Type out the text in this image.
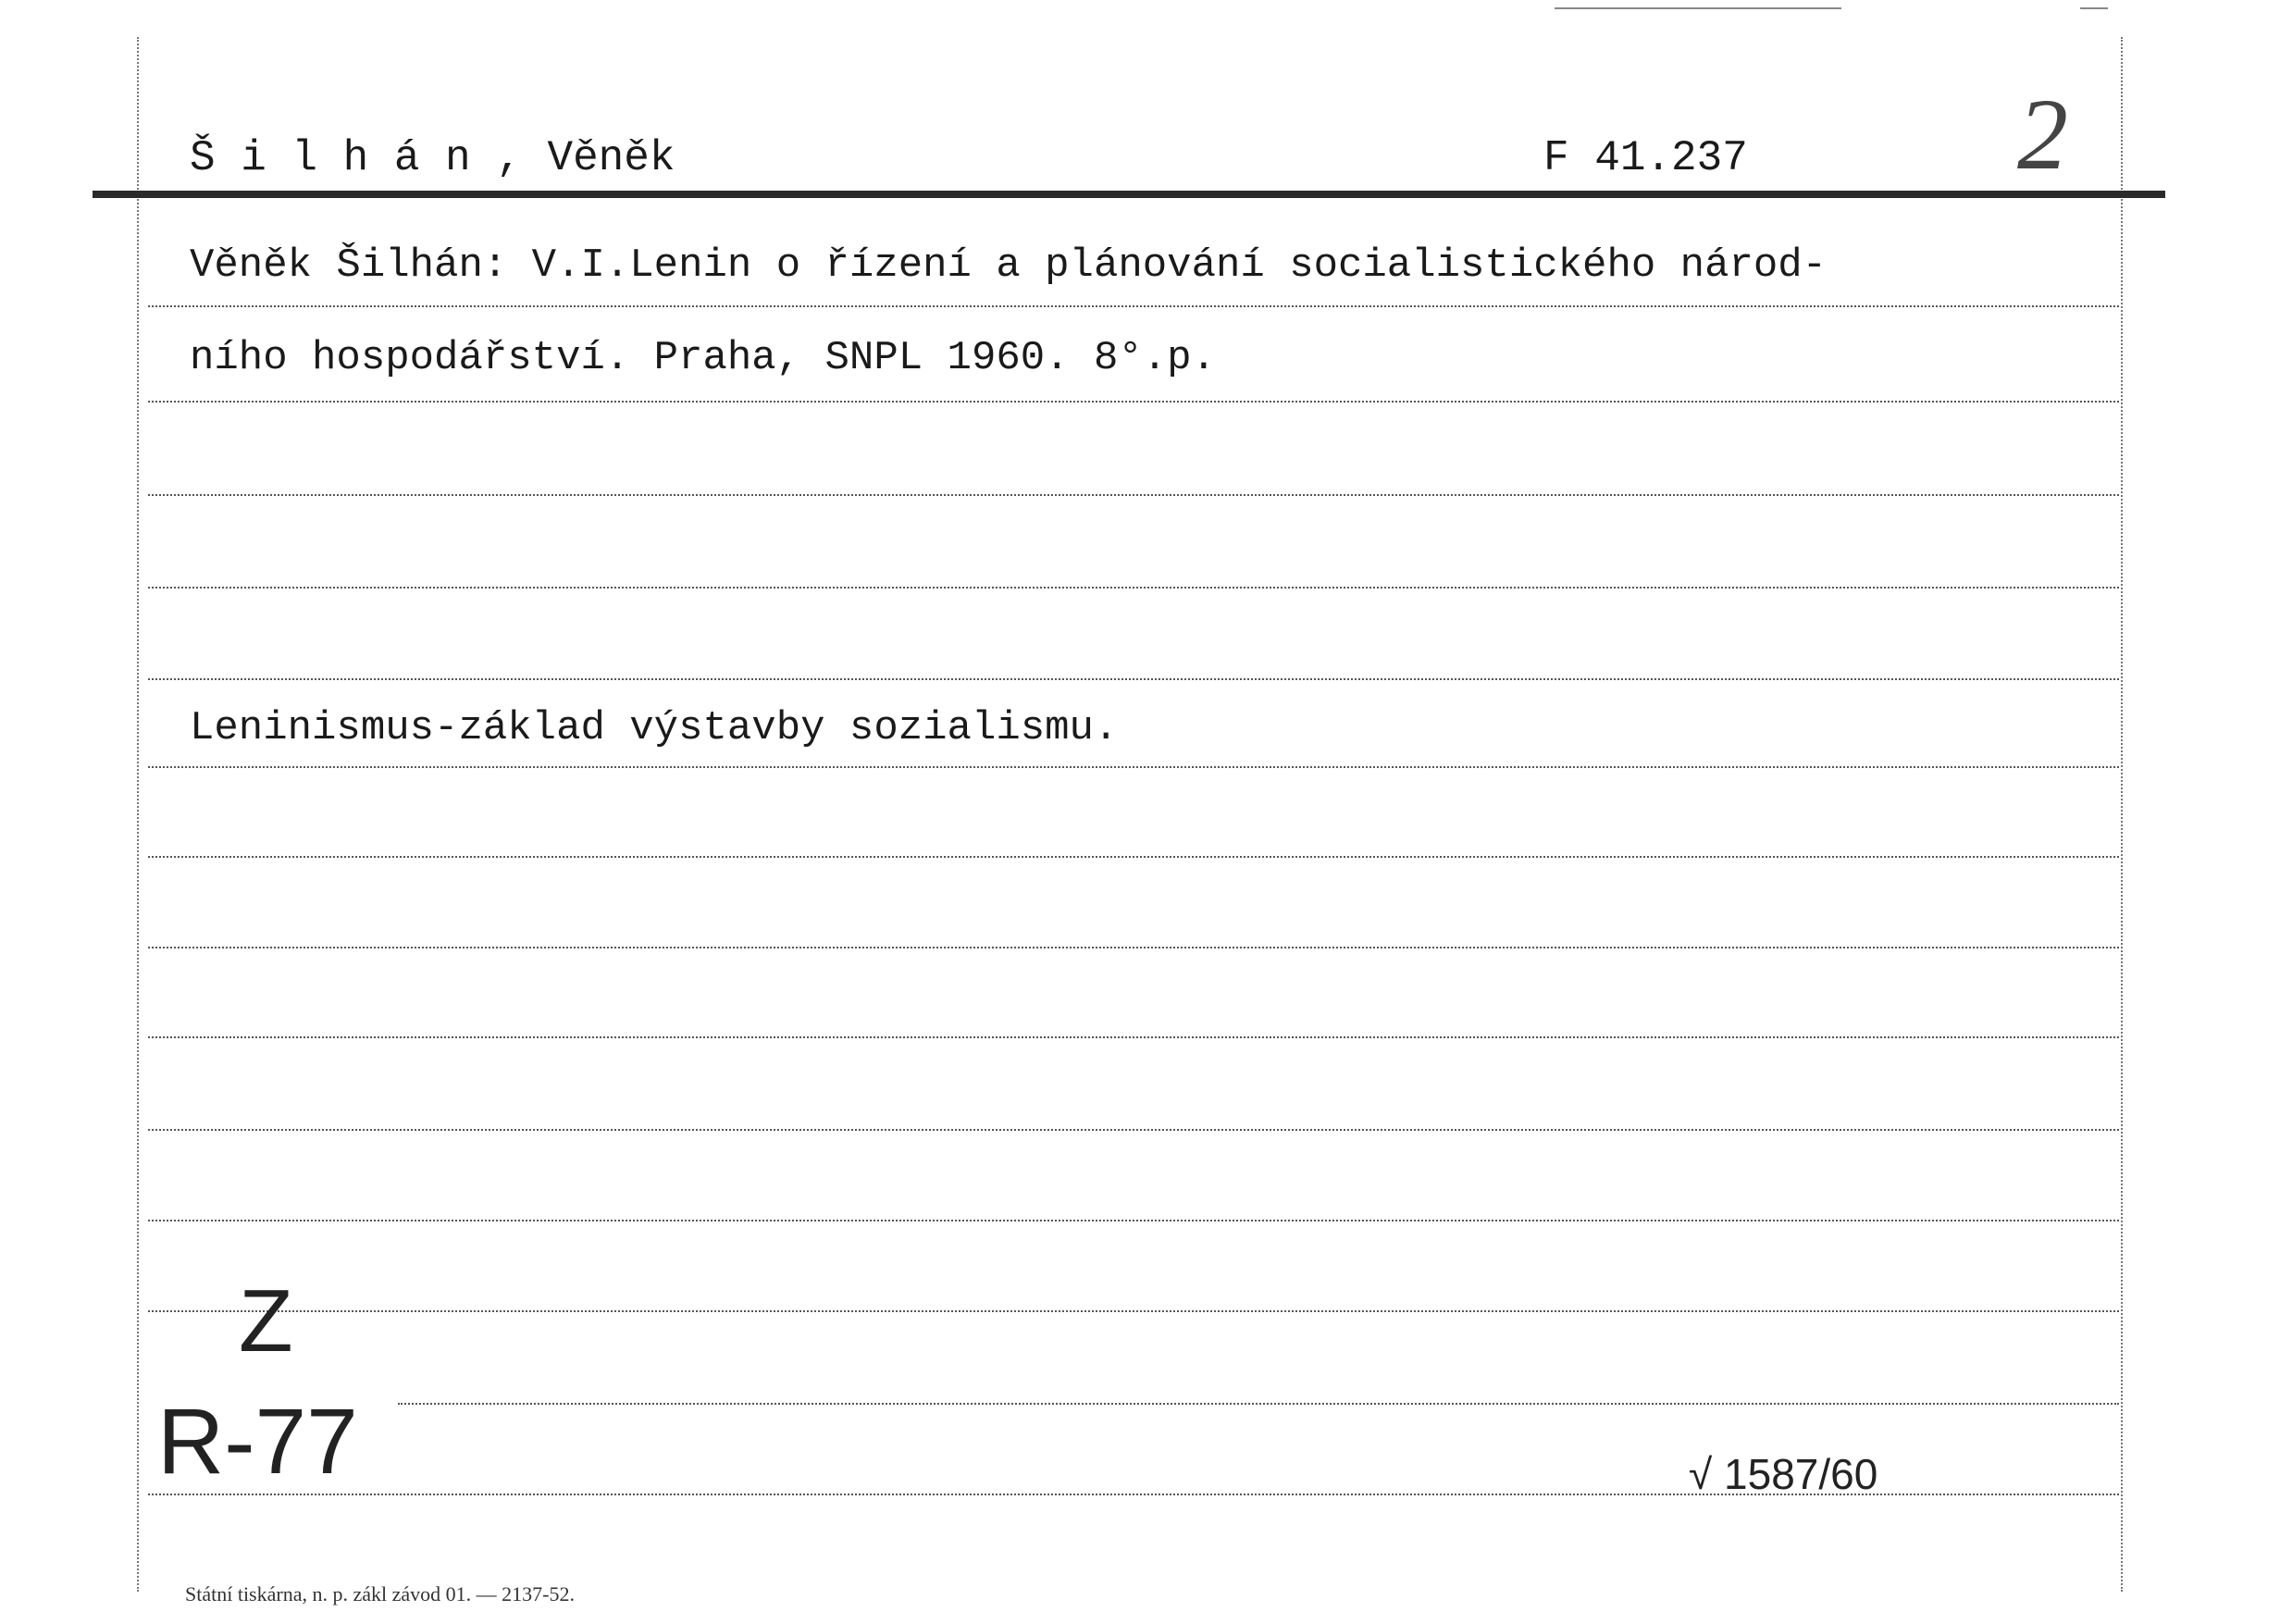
Š i l h á n , Věněk	F 41.237	2
Věněk Šilhán: V.I.Lenin o řízení a plánování socialistického národ-
ního hospodářství. Praha, SNPL 1960. 8°.p.
Leninismus-základ výstavby sozialismu.
Z
R-77	√ 1587/60
Státní tiskárna, n. p. zákl závod 01. — 2137-52.
